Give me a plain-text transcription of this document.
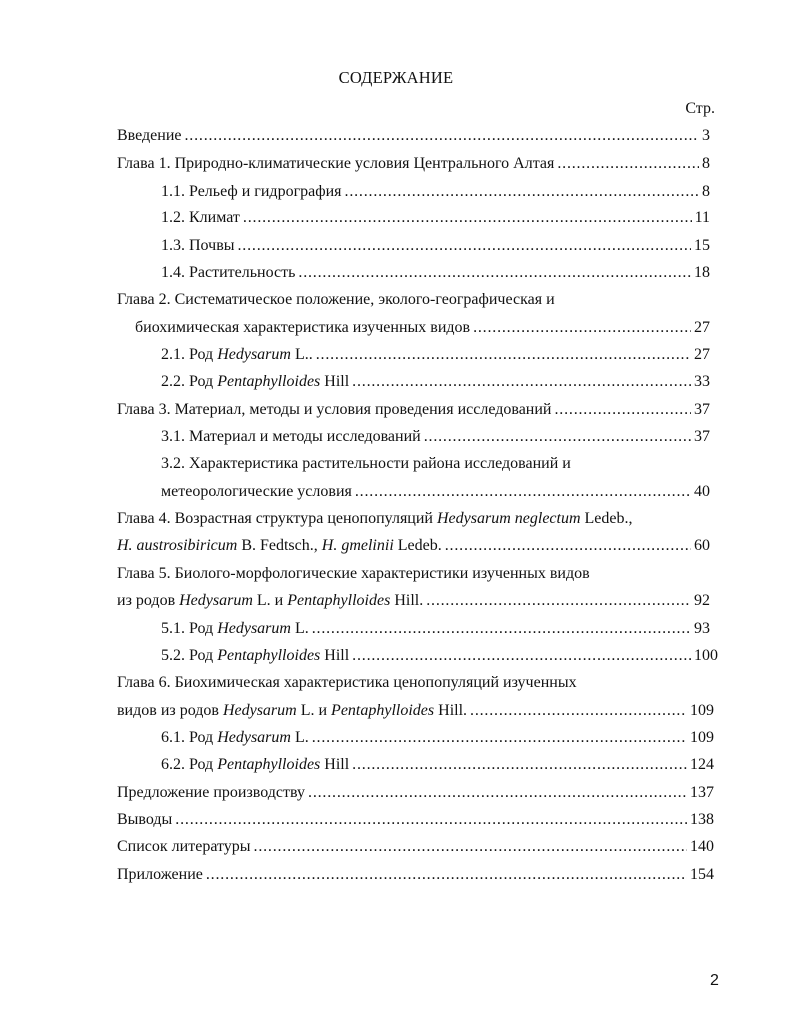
СОДЕРЖАНИЕ
Стр.
Введение . . .	3
Глава 1. Природно-климатические условия Центрального Алтая . . .	8
1.1. Рельеф и гидрография . . .	8
1.2. Климат . . .	11
1.3. Почвы . . .	15
1.4. Растительность . . .	18
Глава 2. Систематическое положение, эколого-географическая и
биохимическая характеристика изученных видов . . .	27
2.1. Род Hedysarum L.. . . .	27
2.2. Род Pentaphylloides Hill . . .	33
Глава 3. Материал, методы и условия проведения исследований . . .	37
3.1. Материал и методы исследований . . .	37
3.2. Характеристика растительности района исследований и
метеорологические условия . . .	40
Глава 4. Возрастная структура ценопопуляций Hedysarum neglectum Ledeb.,
H. austrosibiricum B. Fedtsch., H. gmelinii Ledeb. . . .	60
Глава 5. Биолого-морфологические характеристики изученных видов
из родов Hedysarum L. и Pentaphylloides Hill. . . .	92
5.1. Род Hedysarum L. . . .	93
5.2. Род Pentaphylloides Hill . . .	100
Глава 6. Биохимическая характеристика ценопопуляций изученных
видов из родов Hedysarum L. и Pentaphylloides Hill. . . .	109
6.1. Род Hedysarum L. . . .	109
6.2. Род Pentaphylloides Hill . . .	124
Предложение производству . . .	137
Выводы . . .	138
Список литературы . . .	140
Приложение . . .	154
2
